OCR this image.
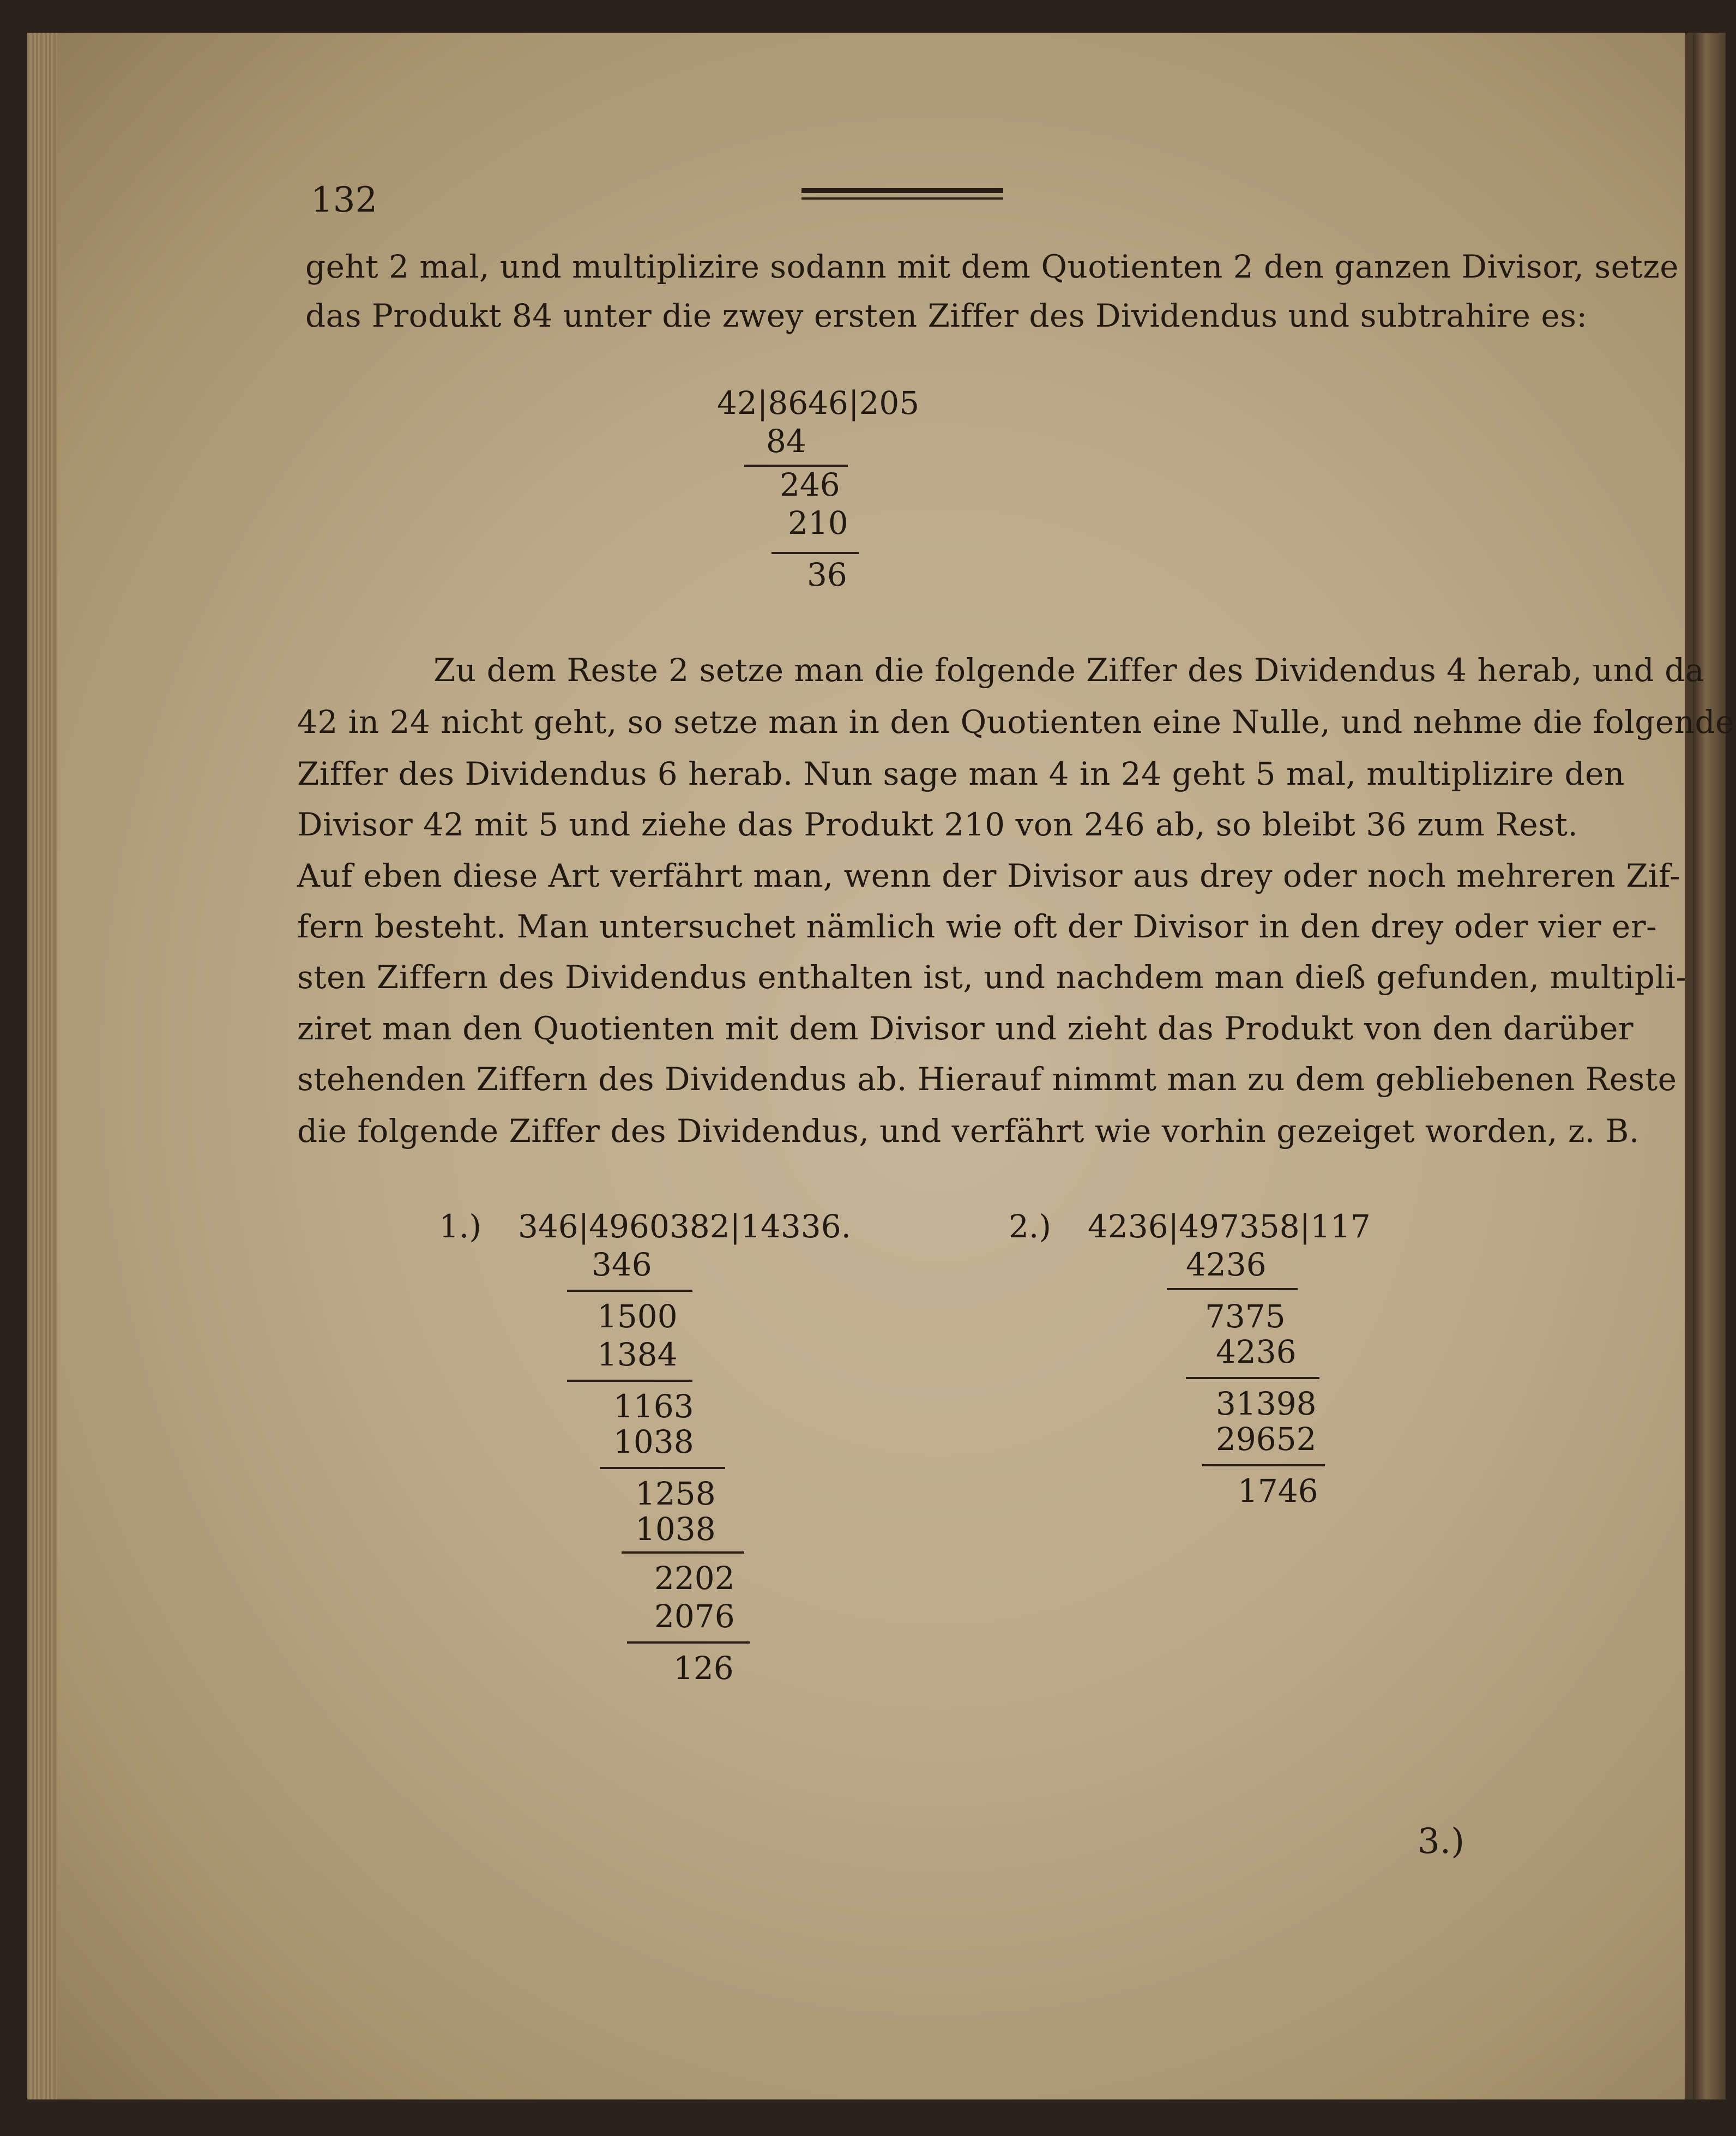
132
geht 2 mal, und multiplizire sodann mit dem Quotienten 2 den ganzen Divisor, setze
das Produkt 84 unter die zwey ersten Ziffer des Dividendus und subtrahire es:
42|8646|205
84
246
210
36
Zu dem Reste 2 setze man die folgende Ziffer des Dividendus 4 herab, und da
42 in 24 nicht geht, so setze man in den Quotienten eine Nulle, und nehme die folgende
Ziffer des Dividendus 6 herab. Nun sage man 4 in 24 geht 5 mal, multiplizire den
Divisor 42 mit 5 und ziehe das Produkt 210 von 246 ab, so bleibt 36 zum Rest.
Auf eben diese Art verfährt man, wenn der Divisor aus drey oder noch mehreren Zif-
fern besteht. Man untersuchet nämlich wie oft der Divisor in den drey oder vier er-
sten Ziffern des Dividendus enthalten ist, und nachdem man dieß gefunden, multipli-
ziret man den Quotienten mit dem Divisor und zieht das Produkt von den darüber
stehenden Ziffern des Dividendus ab. Hierauf nimmt man zu dem gebliebenen Reste
die folgende Ziffer des Dividendus, und verfährt wie vorhin gezeiget worden, z. B.
1.) 346|4960382|14336.
346
1500
1384
1163
1038
1258
1038
2202
2076
126
2.) 4236|497358|117
4236
7375
4236
31398
29652
1746
3.)
